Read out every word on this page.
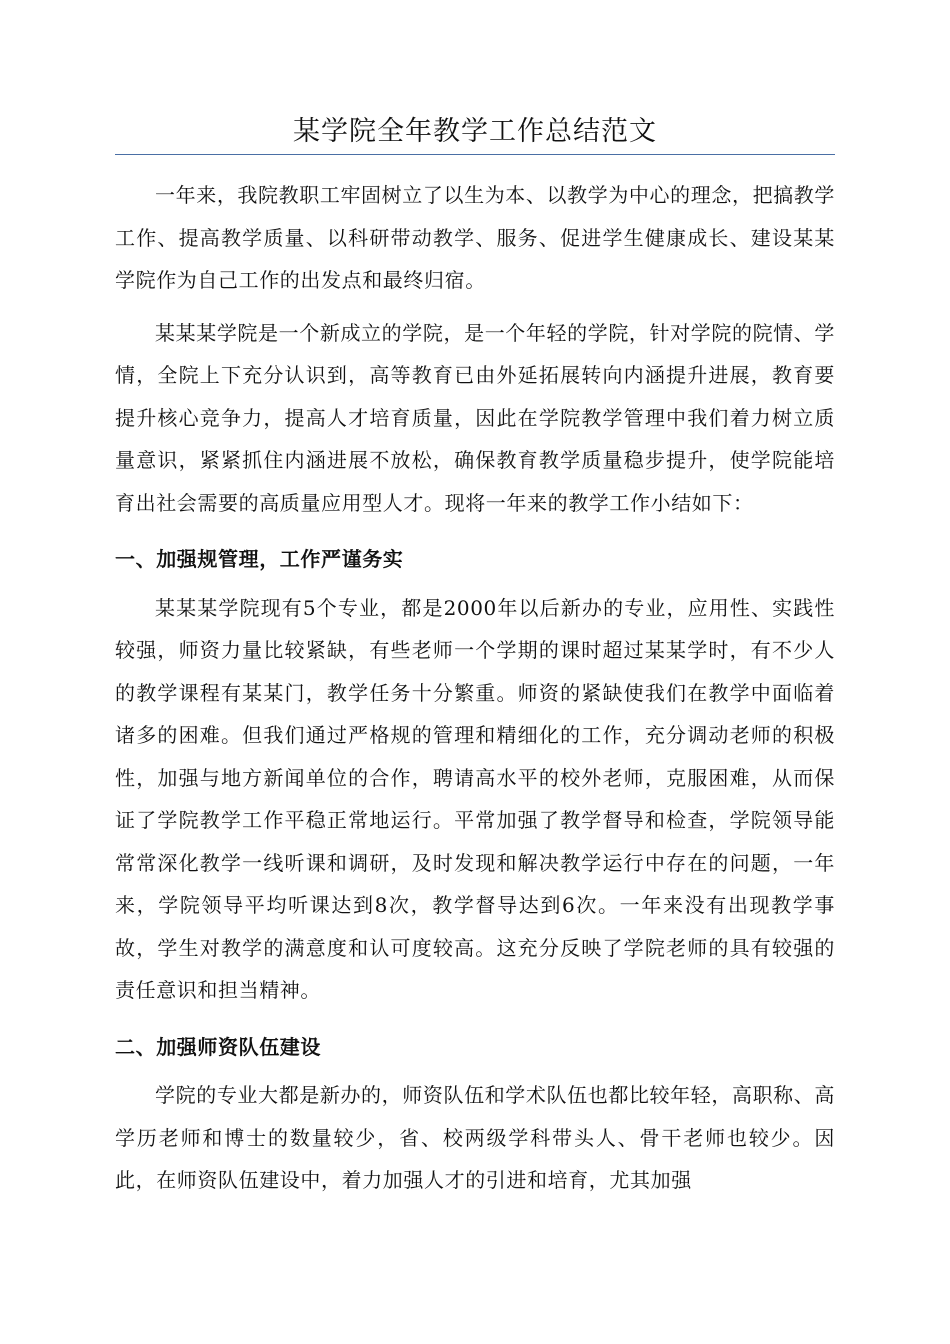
某学院全年教学工作总结范文

一年来，我院教职工牢固树立了以生为本、以教学为中心的理念，把搞教学工作、提高教学质量、以科研带动教学、服务、促进学生健康成长、建设某某学院作为自己工作的出发点和最终归宿。

某某某学院是一个新成立的学院，是一个年轻的学院，针对学院的院情、学情，全院上下充分认识到，高等教育已由外延拓展转向内涵提升进展，教育要提升核心竞争力，提高人才培育质量，因此在学院教学管理中我们着力树立质量意识，紧紧抓住内涵进展不放松，确保教育教学质量稳步提升，使学院能培育出社会需要的高质量应用型人才。现将一年来的教学工作小结如下：

一、加强规管理，工作严谨务实

某某某学院现有5个专业，都是2000年以后新办的专业，应用性、实践性较强，师资力量比较紧缺，有些老师一个学期的课时超过某某学时，有不少人的教学课程有某某门，教学任务十分繁重。师资的紧缺使我们在教学中面临着诸多的困难。但我们通过严格规的管理和精细化的工作，充分调动老师的积极性，加强与地方新闻单位的合作，聘请高水平的校外老师，克服困难，从而保证了学院教学工作平稳正常地运行。平常加强了教学督导和检查，学院领导能常常深化教学一线听课和调研，及时发现和解决教学运行中存在的问题，一年来，学院领导平均听课达到8次，教学督导达到6次。一年来没有出现教学事故，学生对教学的满意度和认可度较高。这充分反映了学院老师的具有较强的责任意识和担当精神。

二、加强师资队伍建设

学院的专业大都是新办的，师资队伍和学术队伍也都比较年轻，高职称、高学历老师和博士的数量较少，省、校两级学科带头人、骨干老师也较少。因此，在师资队伍建设中，着力加强人才的引进和培育，尤其加强
